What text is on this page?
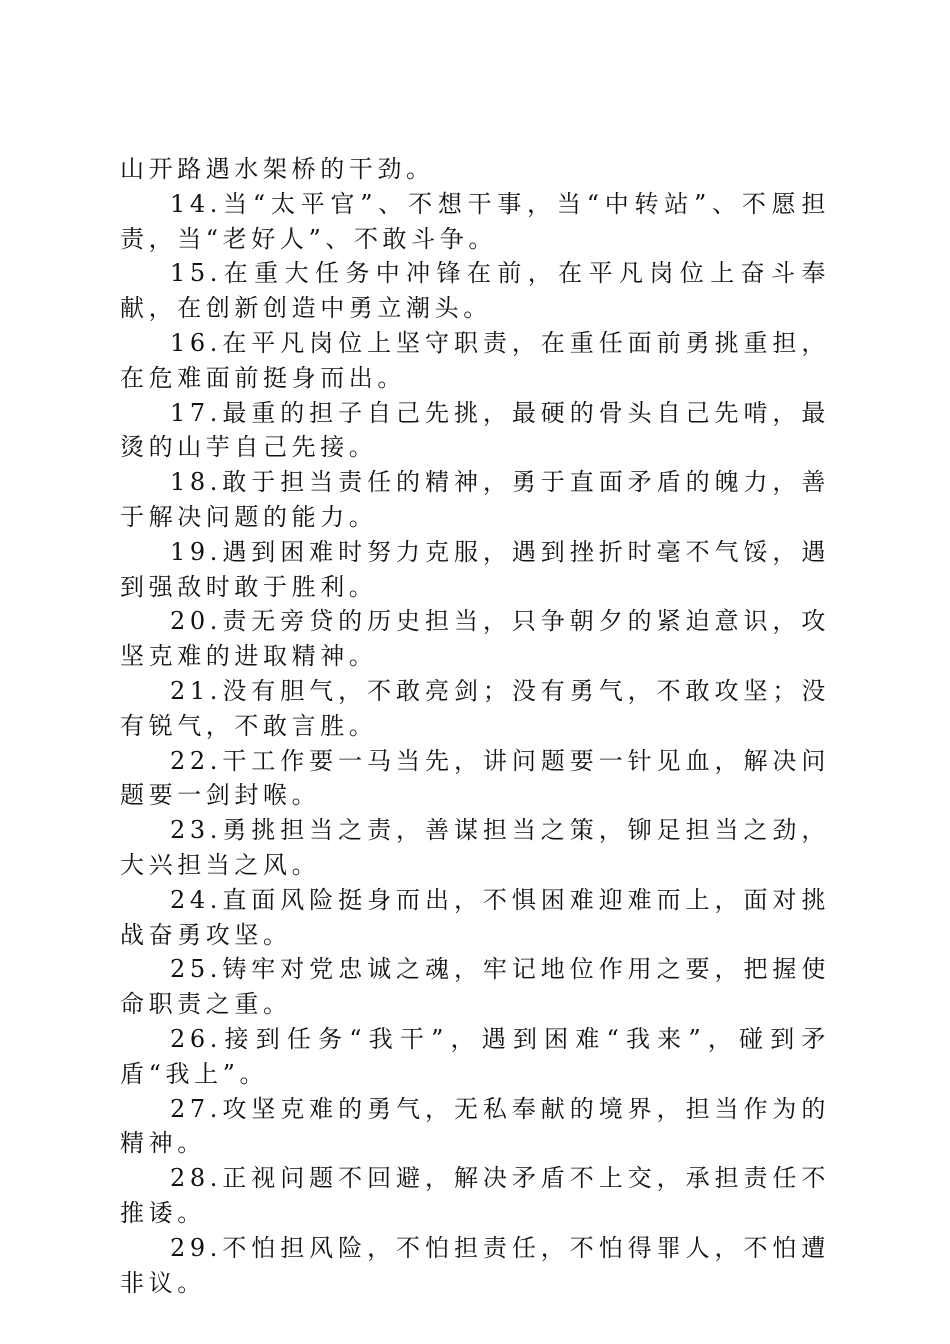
山开路遇水架桥的干劲。

14.当“太平官”、不想干事，当“中转站”、不愿担责，当“老好人”、不敢斗争。

15.在重大任务中冲锋在前，在平凡岗位上奋斗奉献，在创新创造中勇立潮头。

16.在平凡岗位上坚守职责，在重任面前勇挑重担，在危难面前挺身而出。

17.最重的担子自己先挑，最硬的骨头自己先啃，最烫的山芋自己先接。

18.敢于担当责任的精神，勇于直面矛盾的魄力，善于解决问题的能力。

19.遇到困难时努力克服，遇到挫折时毫不气馁，遇到强敌时敢于胜利。

20.责无旁贷的历史担当，只争朝夕的紧迫意识，攻坚克难的进取精神。

21.没有胆气，不敢亮剑；没有勇气，不敢攻坚；没有锐气，不敢言胜。

22.干工作要一马当先，讲问题要一针见血，解决问题要一剑封喉。

23.勇挑担当之责，善谋担当之策，铆足担当之劲，大兴担当之风。

24.直面风险挺身而出，不惧困难迎难而上，面对挑战奋勇攻坚。

25.铸牢对党忠诚之魂，牢记地位作用之要，把握使命职责之重。

26.接到任务“我干”，遇到困难“我来”，碰到矛盾“我上”。

27.攻坚克难的勇气，无私奉献的境界，担当作为的精神。

28.正视问题不回避，解决矛盾不上交，承担责任不推诿。

29.不怕担风险，不怕担责任，不怕得罪人，不怕遭非议。
